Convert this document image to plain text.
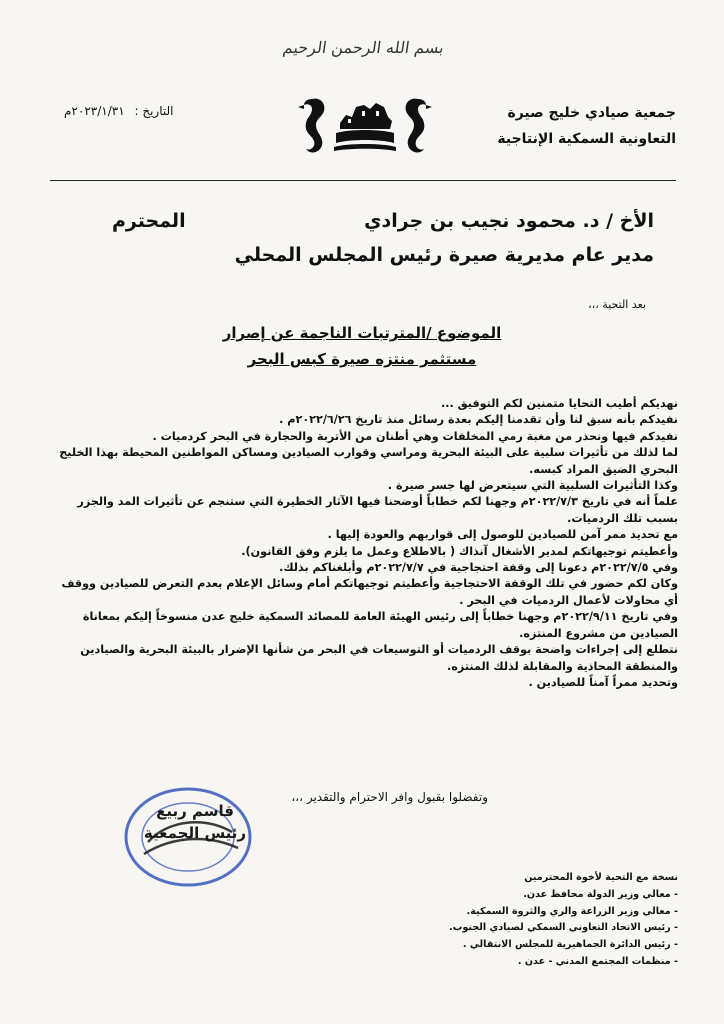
بسم الله الرحمن الرحيم
جمعية صيادي خليج صيرة
التعاونية السمكية الإنتاجية
التاريخ : ٢٠٢٣/١/٣١م
الأخ / د. محمود نجيب بن جرادي
المحترم
مدير عام مديرية صيرة رئيس المجلس المحلي
بعد التحية ،،،
الموضوع /المترتبات الناجمة عن إصرار
مستثمر منتزه صيرة كبس البحر

نهديكم أطيب التحايا متمنين لكم التوفيق ...

نفيدكم بأنه سبق لنا وأن تقدمنا إليكم بعدة رسائل منذ تاريخ ٢٠٢٢/٦/٢٦م .

نفيدكم فيها ونحذر من مغبة رمي المخلفات وهي أطنان من الأتربة والحجارة في البحر كردميات .

لما لذلك من تأثيرات سلبية على البيئة البحرية ومراسي وقوارب الصيادين ومساكن المواطنين المحيطة بهذا الخليج البحري الضيق المراد كبسه.

وكذا التأثيرات السلبية التي سيتعرض لها جسر صيرة .

علماً أنه في تاريخ ٢٠٢٢/٧/٣م وجهنا لكم خطاباً أوضحنا فيها الآثار الخطيرة التي ستنجم عن تأثيرات المد والجزر بسبب تلك الردميات.

مع تحديد ممر آمن للصيادين للوصول إلى قواربهم والعودة إليها .

وأعطيتم توجيهاتكم لمدير الأشغال آنذاك ( بالاطلاع وعمل ما يلزم وفق القانون).

وفي ٢٠٢٢/٧/٥م دعونا إلى وقفة احتجاجية في ٢٠٢٢/٧/٧م وأبلغناكم بذلك.

وكان لكم حضور في تلك الوقفة الاحتجاجية وأعطيتم توجيهاتكم أمام وسائل الإعلام بعدم التعرض للصيادين ووقف أي محاولات لأعمال الردميات في البحر .

وفي تاريخ ٢٠٢٢/٩/١١م وجهنا خطاباً إلى رئيس الهيئة العامة للمصائد السمكية خليج عدن منسوخاً إليكم بمعاناة الصيادين من مشروع المنتزه.

نتطلع إلى إجراءات واضحة بوقف الردميات أو التوسيعات في البحر من شأنها الإضرار بالبيئة البحرية والصيادين والمنطقة المحاذية والمقابلة لذلك المنتزه.

وتحديد ممراً آمناً للصيادين .

وتفضلوا بقبول وافر الاحترام والتقدير ،،،
قاسم ربيع
رئيس الجمعية

نسخة مع التحية لأخوة المحترمين

- معالي وزير الدولة محافظ عدن.

- معالي وزير الزراعة والري والثروة السمكية.

- رئيس الاتحاد التعاوني السمكي لصيادي الجنوب.

- رئيس الدائرة الجماهيرية للمجلس الانتقالي .

- منظمات المجتمع المدني - عدن .
